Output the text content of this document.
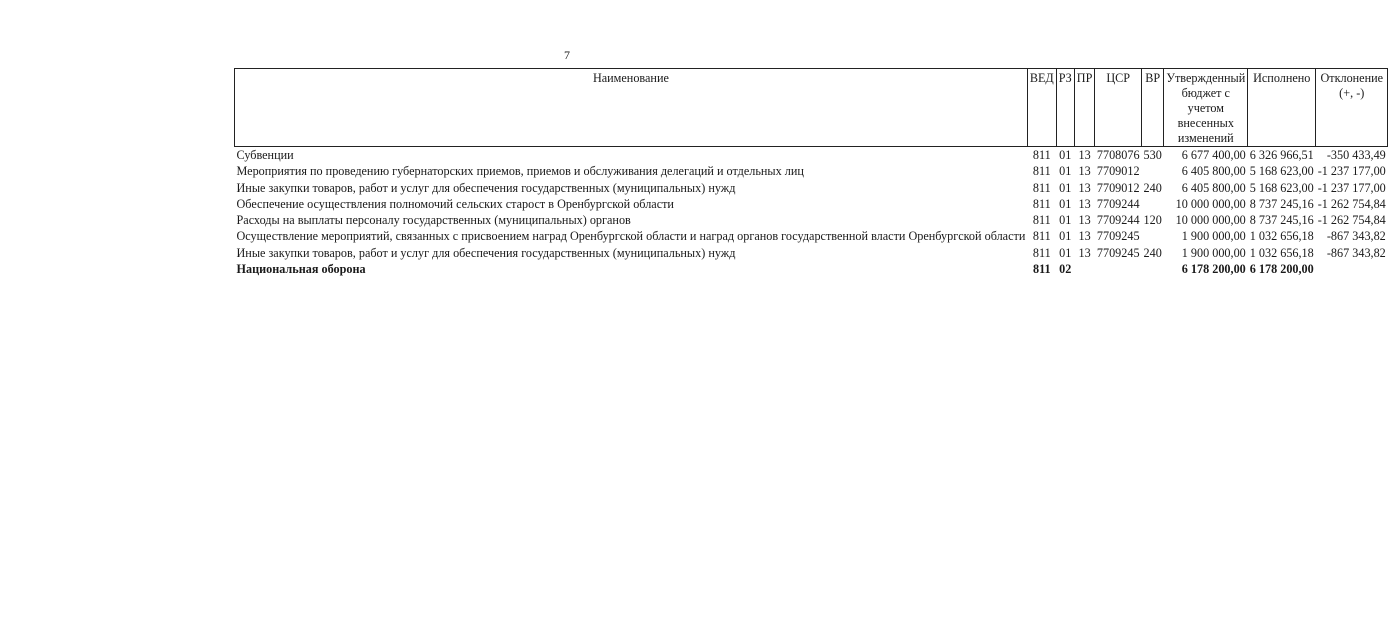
7
Наименование	ВЕД	РЗ	ПР	ЦСР	ВР	Утвержденный бюджет с учетом внесенных изменений	Исполнено	Отклонение (+, -)
Субвенции	811	01	13	7708076	530	6 677 400,00	6 326 966,51	-350 433,49
Мероприятия по проведению губернаторских приемов, приемов и обслуживания делегаций и отдельных лиц	811	01	13	7709012		6 405 800,00	5 168 623,00	-1 237 177,00
Иные закупки товаров, работ и услуг для обеспечения государственных (муниципальных) нужд	811	01	13	7709012	240	6 405 800,00	5 168 623,00	-1 237 177,00
Обеспечение осуществления полномочий сельских старост в Оренбургской области	811	01	13	7709244		10 000 000,00	8 737 245,16	-1 262 754,84
Расходы на выплаты персоналу государственных (муниципальных) органов	811	01	13	7709244	120	10 000 000,00	8 737 245,16	-1 262 754,84
Осуществление мероприятий, связанных с присвоением наград Оренбургской области и наград органов государственной власти Оренбургской области	811	01	13	7709245		1 900 000,00	1 032 656,18	-867 343,82
Иные закупки товаров, работ и услуг для обеспечения государственных (муниципальных) нужд	811	01	13	7709245	240	1 900 000,00	1 032 656,18	-867 343,82
Национальная оборона	811	02				6 178 200,00	6 178 200,00	
